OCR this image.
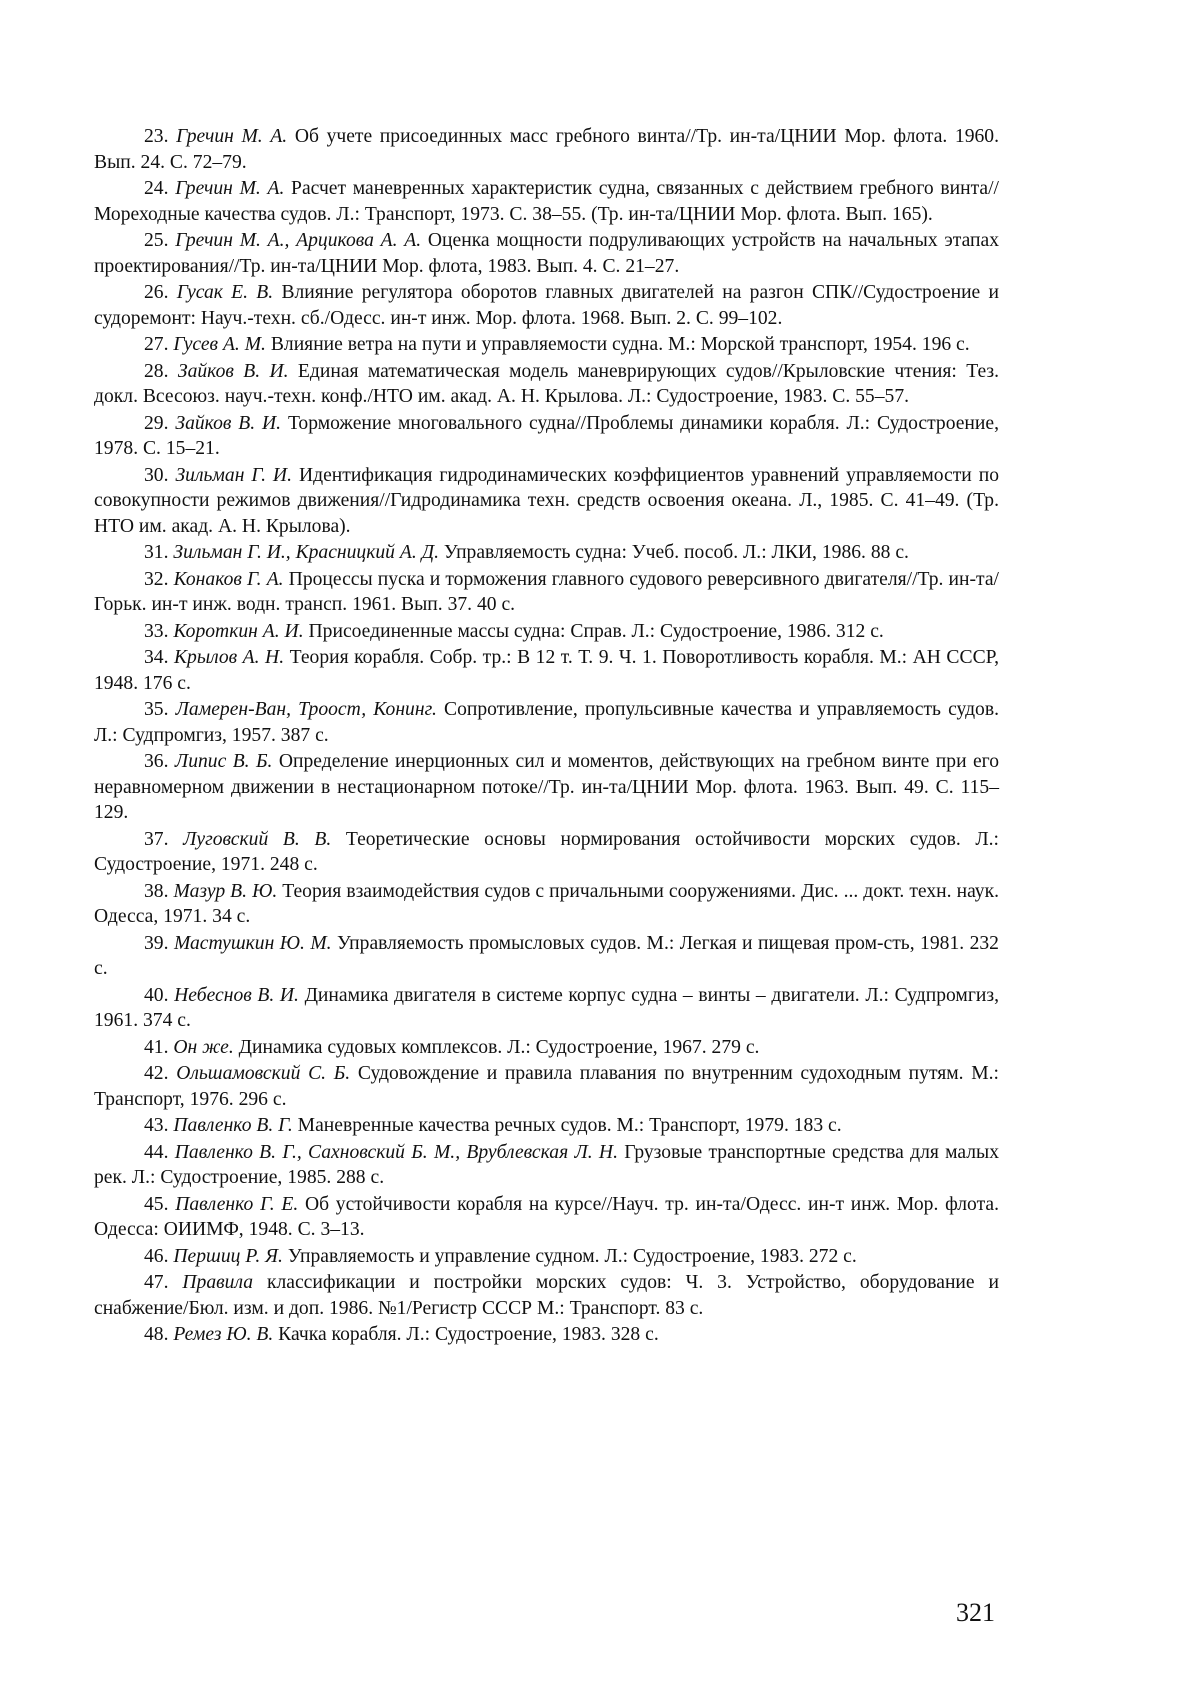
23. Гречин М. А. Об учете присоединных масс гребного винта//Тр. ин-та/ЦНИИ Мор. флота. 1960. Вып. 24. С. 72–79.

24. Гречин М. А. Расчет маневренных характеристик судна, связанных с действием гребного винта//Мореходные качества судов. Л.: Транспорт, 1973. С. 38–55. (Тр. ин-та/ЦНИИ Мор. флота. Вып. 165).

25. Гречин М. А., Арцикова А. А. Оценка мощности подруливающих устройств на начальных этапах проектирования//Тр. ин-та/ЦНИИ Мор. флота, 1983. Вып. 4. С. 21–27.

26. Гусак Е. В. Влияние регулятора оборотов главных двигателей на разгон СПК//Судостроение и судоремонт: Науч.-техн. сб./Одесс. ин-т инж. Мор. флота. 1968. Вып. 2. С. 99–102.

27. Гусев А. М. Влияние ветра на пути и управляемости судна. М.: Морской транспорт, 1954. 196 с.

28. Зайков В. И. Единая математическая модель маневрирующих судов//Крыловские чтения: Тез. докл. Всесоюз. науч.-техн. конф./НТО им. акад. А. Н. Крылова. Л.: Судостроение, 1983. С. 55–57.

29. Зайков В. И. Торможение многовального судна//Проблемы динамики корабля. Л.: Судостроение, 1978. С. 15–21.

30. Зильман Г. И. Идентификация гидродинамических коэффициентов уравнений управляемости по совокупности режимов движения//Гидродинамика техн. средств освоения океана. Л., 1985. С. 41–49. (Тр. НТО им. акад. А. Н. Крылова).

31. Зильман Г. И., Красницкий А. Д. Управляемость судна: Учеб. пособ. Л.: ЛКИ, 1986. 88 с.

32. Конаков Г. А. Процессы пуска и торможения главного судового реверсивного двигателя//Тр. ин-та/Горьк. ин-т инж. водн. трансп. 1961. Вып. 37. 40 с.

33. Короткин А. И. Присоединенные массы судна: Справ. Л.: Судостроение, 1986. 312 с.

34. Крылов А. Н. Теория корабля. Собр. тр.: В 12 т. Т. 9. Ч. 1. Поворотливость корабля. М.: АН СССР, 1948. 176 с.

35. Ламерен-Ван, Троост, Конинг. Сопротивление, пропульсивные качества и управляемость судов. Л.: Судпромгиз, 1957. 387 с.

36. Липис В. Б. Определение инерционных сил и моментов, действующих на гребном винте при его неравномерном движении в нестационарном потоке//Тр. ин-та/ЦНИИ Мор. флота. 1963. Вып. 49. С. 115–129.

37. Луговский В. В. Теоретические основы нормирования остойчивости морских судов. Л.: Судостроение, 1971. 248 с.

38. Мазур В. Ю. Теория взаимодействия судов с причальными сооружениями. Дис. ... докт. техн. наук. Одесса, 1971. 34 с.

39. Мастушкин Ю. М. Управляемость промысловых судов. М.: Легкая и пищевая пром-сть, 1981. 232 с.

40. Небеснов В. И. Динамика двигателя в системе корпус судна – винты – двигатели. Л.: Судпромгиз, 1961. 374 с.

41. Он же. Динамика судовых комплексов. Л.: Судостроение, 1967. 279 с.

42. Ольшамовский С. Б. Судовождение и правила плавания по внутренним судоходным путям. М.: Транспорт, 1976. 296 с.

43. Павленко В. Г. Маневренные качества речных судов. М.: Транспорт, 1979. 183 с.

44. Павленко В. Г., Сахновский Б. М., Врублевская Л. Н. Грузовые транспортные средства для малых рек. Л.: Судостроение, 1985. 288 с.

45. Павленко Г. Е. Об устойчивости корабля на курсе//Науч. тр. ин-та/Одесс. ин-т инж. Мор. флота. Одесса: ОИИМФ, 1948. С. 3–13.

46. Першиц Р. Я. Управляемость и управление судном. Л.: Судостроение, 1983. 272 с.

47. Правила классификации и постройки морских судов: Ч. 3. Устройство, оборудование и снабжение/Бюл. изм. и доп. 1986. №1/Регистр СССР М.: Транспорт. 83 с.

48. Ремез Ю. В. Качка корабля. Л.: Судостроение, 1983. 328 с.

321
